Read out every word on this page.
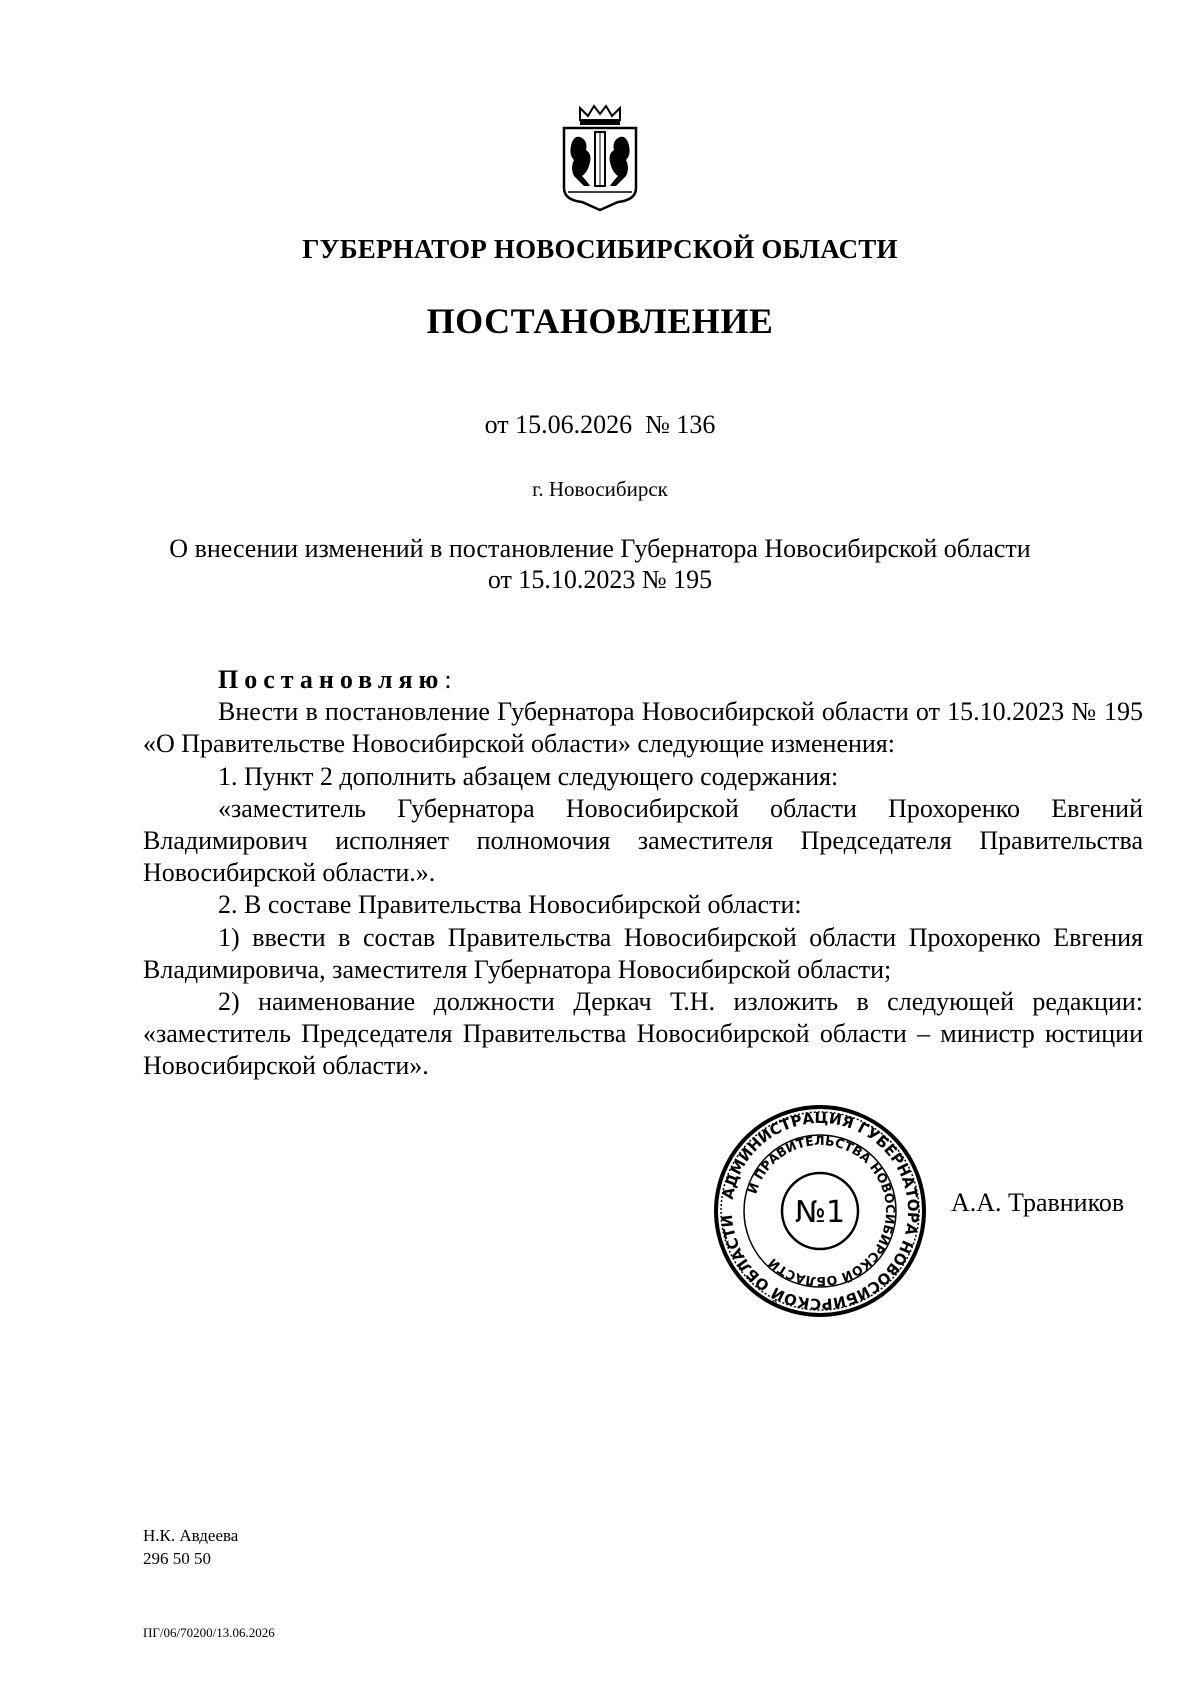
ГУБЕРНАТОР НОВОСИБИРСКОЙ ОБЛАСТИ
ПОСТАНОВЛЕНИЕ
от 15.06.2026  № 136
г. Новосибирск
О внесении изменений в постановление Губернатора Новосибирской области
от 15.10.2023 № 195

Постановляю:

Внести в постановление Губернатора Новосибирской области от 15.10.2023 № 195 «О Правительстве Новосибирской области» следующие изменения:

1. Пункт 2 дополнить абзацем следующего содержания:

«заместитель Губернатора Новосибирской области Прохоренко Евгений Владимирович исполняет полномочия заместителя Председателя Правительства Новосибирской области.».

2. В составе Правительства Новосибирской области:

1) ввести в состав Правительства Новосибирской области Прохоренко Евгения Владимировича, заместителя Губернатора Новосибирской области;

2) наименование должности Деркач Т.Н. изложить в следующей редакции: «заместитель Председателя Правительства Новосибирской области – министр юстиции Новосибирской области».

АДМИНИСТРАЦИЯ ГУБЕРНАТОРА НОВОСИБИРСКОЙ ОБЛАСТИ
И ПРАВИТЕЛЬСТВА НОВОСИБИРСКОЙ ОБЛАСТИ
№1	А.А. Травников
Н.К. Авдеева
296 50 50
ПГ/06/70200/13.06.2026
